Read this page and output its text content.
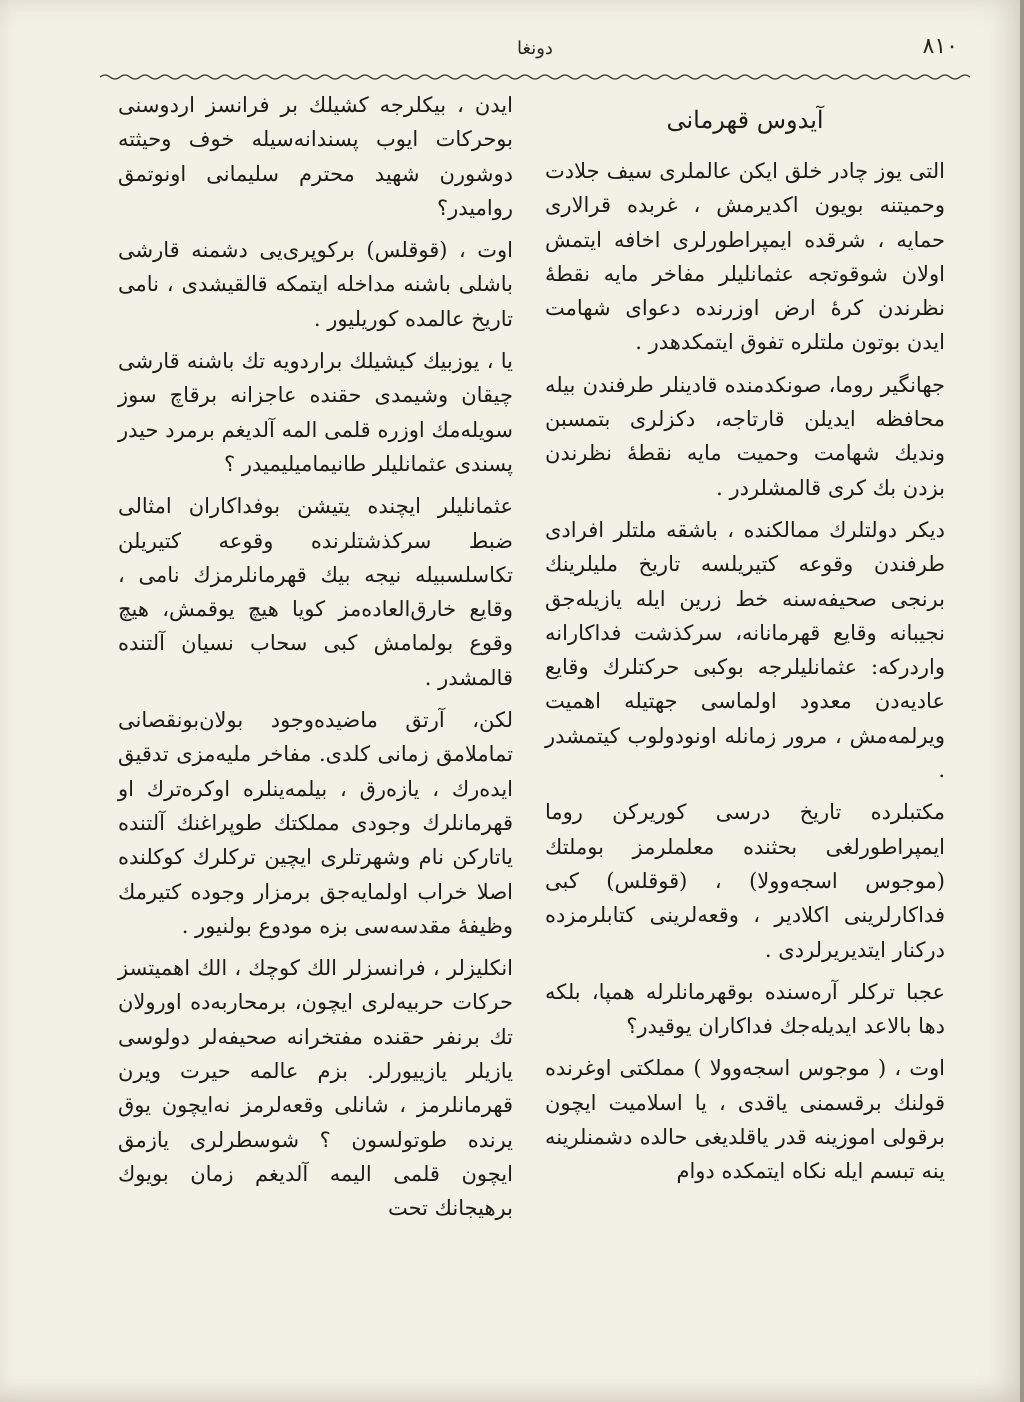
٨١٠
دونغا
آیدوس قهرمانی

التی یوز چادر خلق ایکن عالملری سیف جلادت وحمیتنه بویون اکدیرمش ، غربده قرالاری حمایه ، شرقده ایمپراطورلری اخافه ایتمش اولان شوقوتجه عثمانلیلر مفاخر مایه نقطهٔ نظرندن کرهٔ ارض اوزرنده دعوای شهامت ایدن بوتون ملتلره تفوق ایتمکدهدر .

جهانگیر روما، صونکدمنده قادینلر طرفندن بیله محافظه ایدیلن قارتاجه، دکزلری بتمسبن وندیك شهامت وحمیت مایه نقطهٔ نظرندن بزدن بك کری قالمشلردر .

دیکر دولتلرك ممالکنده ، باشقه ملتلر افرادی طرفندن وقوعه کتیریلسه تاریخ ملیلرینك برنجی صحیفه‌سنه خط زرین ایله یازیله‌جق نجیبانه وقایع قهرمانانه، سرکذشت فداکارانه واردرکه: عثمانلیلرجه بوکبی حرکتلرك وقایع عادیه‌دن معدود اولماسی جهتیله اهمیت ویرلمه‌مش ، مرور زمانله اونودولوب کیتمشدر .

مکتبلرده تاریخ درسی کوریرکن روما ایمپراطورلغی بحثنده معلملرمز بوملتك (موجوس اسجه‌وولا) ، (قوقلس) کبی فداکارلرینی اکلادیر ، وقعه‌لرینی کتابلرمزده درکنار ایتدیریرلردی .

عجبا ترکلر آره‌سنده بوقهرمانلرله همپا، بلکه دها بالاعد ایدیله‌جك فداکاران یوقیدر؟

اوت ، ( موجوس اسجه‌وولا ) مملکتی اوغرنده قولنك برقسمنی یاقدی ، یا اسلامیت ایچون برقولی اموزینه قدر یاقلدیغی حالده دشمنلرینه ینه تبسم ایله نکاه ایتمکده دوام

ایدن ، بیکلرجه کشیلك بر فرانسز اردوسنی بوحرکات ایوب پسندانه‌سیله خوف وحیثته دوشورن شهید محترم سلیمانی اونوتمق روامیدر؟

اوت ، (قوقلس) برکوپری‌یی دشمنه قارشی باشلی باشنه مداخله ایتمکه قالقیشدی ، نامی تاریخ عالمده کوریلیور .

یا ، یوزبیك کیشیلك براردویه تك باشنه قارشی چیقان وشیمدی حقنده عاجزانه برقاچ سوز سویله‌مك اوزره قلمی المه آلدیغم برمرد حیدر پسندی عثمانلیلر طانیمامیلیمیدر ؟

عثمانلیلر ایچنده یتیشن بوفداکاران امثالی ضبط سرکذشتلرنده وقوعه کتیریلن تکاسلسبیله نیجه بیك قهرمانلرمزك نامی ، وقایع خارق‌العاده‌مز کویا هیچ یوقمش، هیچ وقوع بولمامش کبی سحاب نسیان آلتنده قالمشدر .

لکن، آرتق ماضیده‌وجود بولان‌بونقصانی تماملامق زمانی کلدی. مفاخر ملیه‌مزی تدقیق ایده‌رك ، یازه‌رق ، بیلمه‌ینلره اوکره‌ترك او قهرمانلرك وجودی مملکتك طوپراغنك آلتنده یاتارکن نام وشهرتلری ایچین ترکلرك کوکلنده اصلا خراب اولمایه‌جق برمزار وجوده کتیرمك وظیفهٔ مقدسه‌سی بزه مودوع بولنیور .

انکلیزلر ، فرانسزلر الك کوچك ، الك اهمیتسز حرکات حربیه‌لری ایچون، برمحاربه‌ده اورولان تك برنفر حقنده مفتخرانه صحیفه‌لر دولوسی یازیلر یازییورلر. بزم عالمه حیرت ویرن قهرمانلرمز ، شانلی وقعه‌لرمز نه‌ایچون یوق یرنده طوتولسون ؟ شوسطرلری یازمق ایچون قلمی الیمه آلدیغم زمان بویوك برهیجانك تحت
